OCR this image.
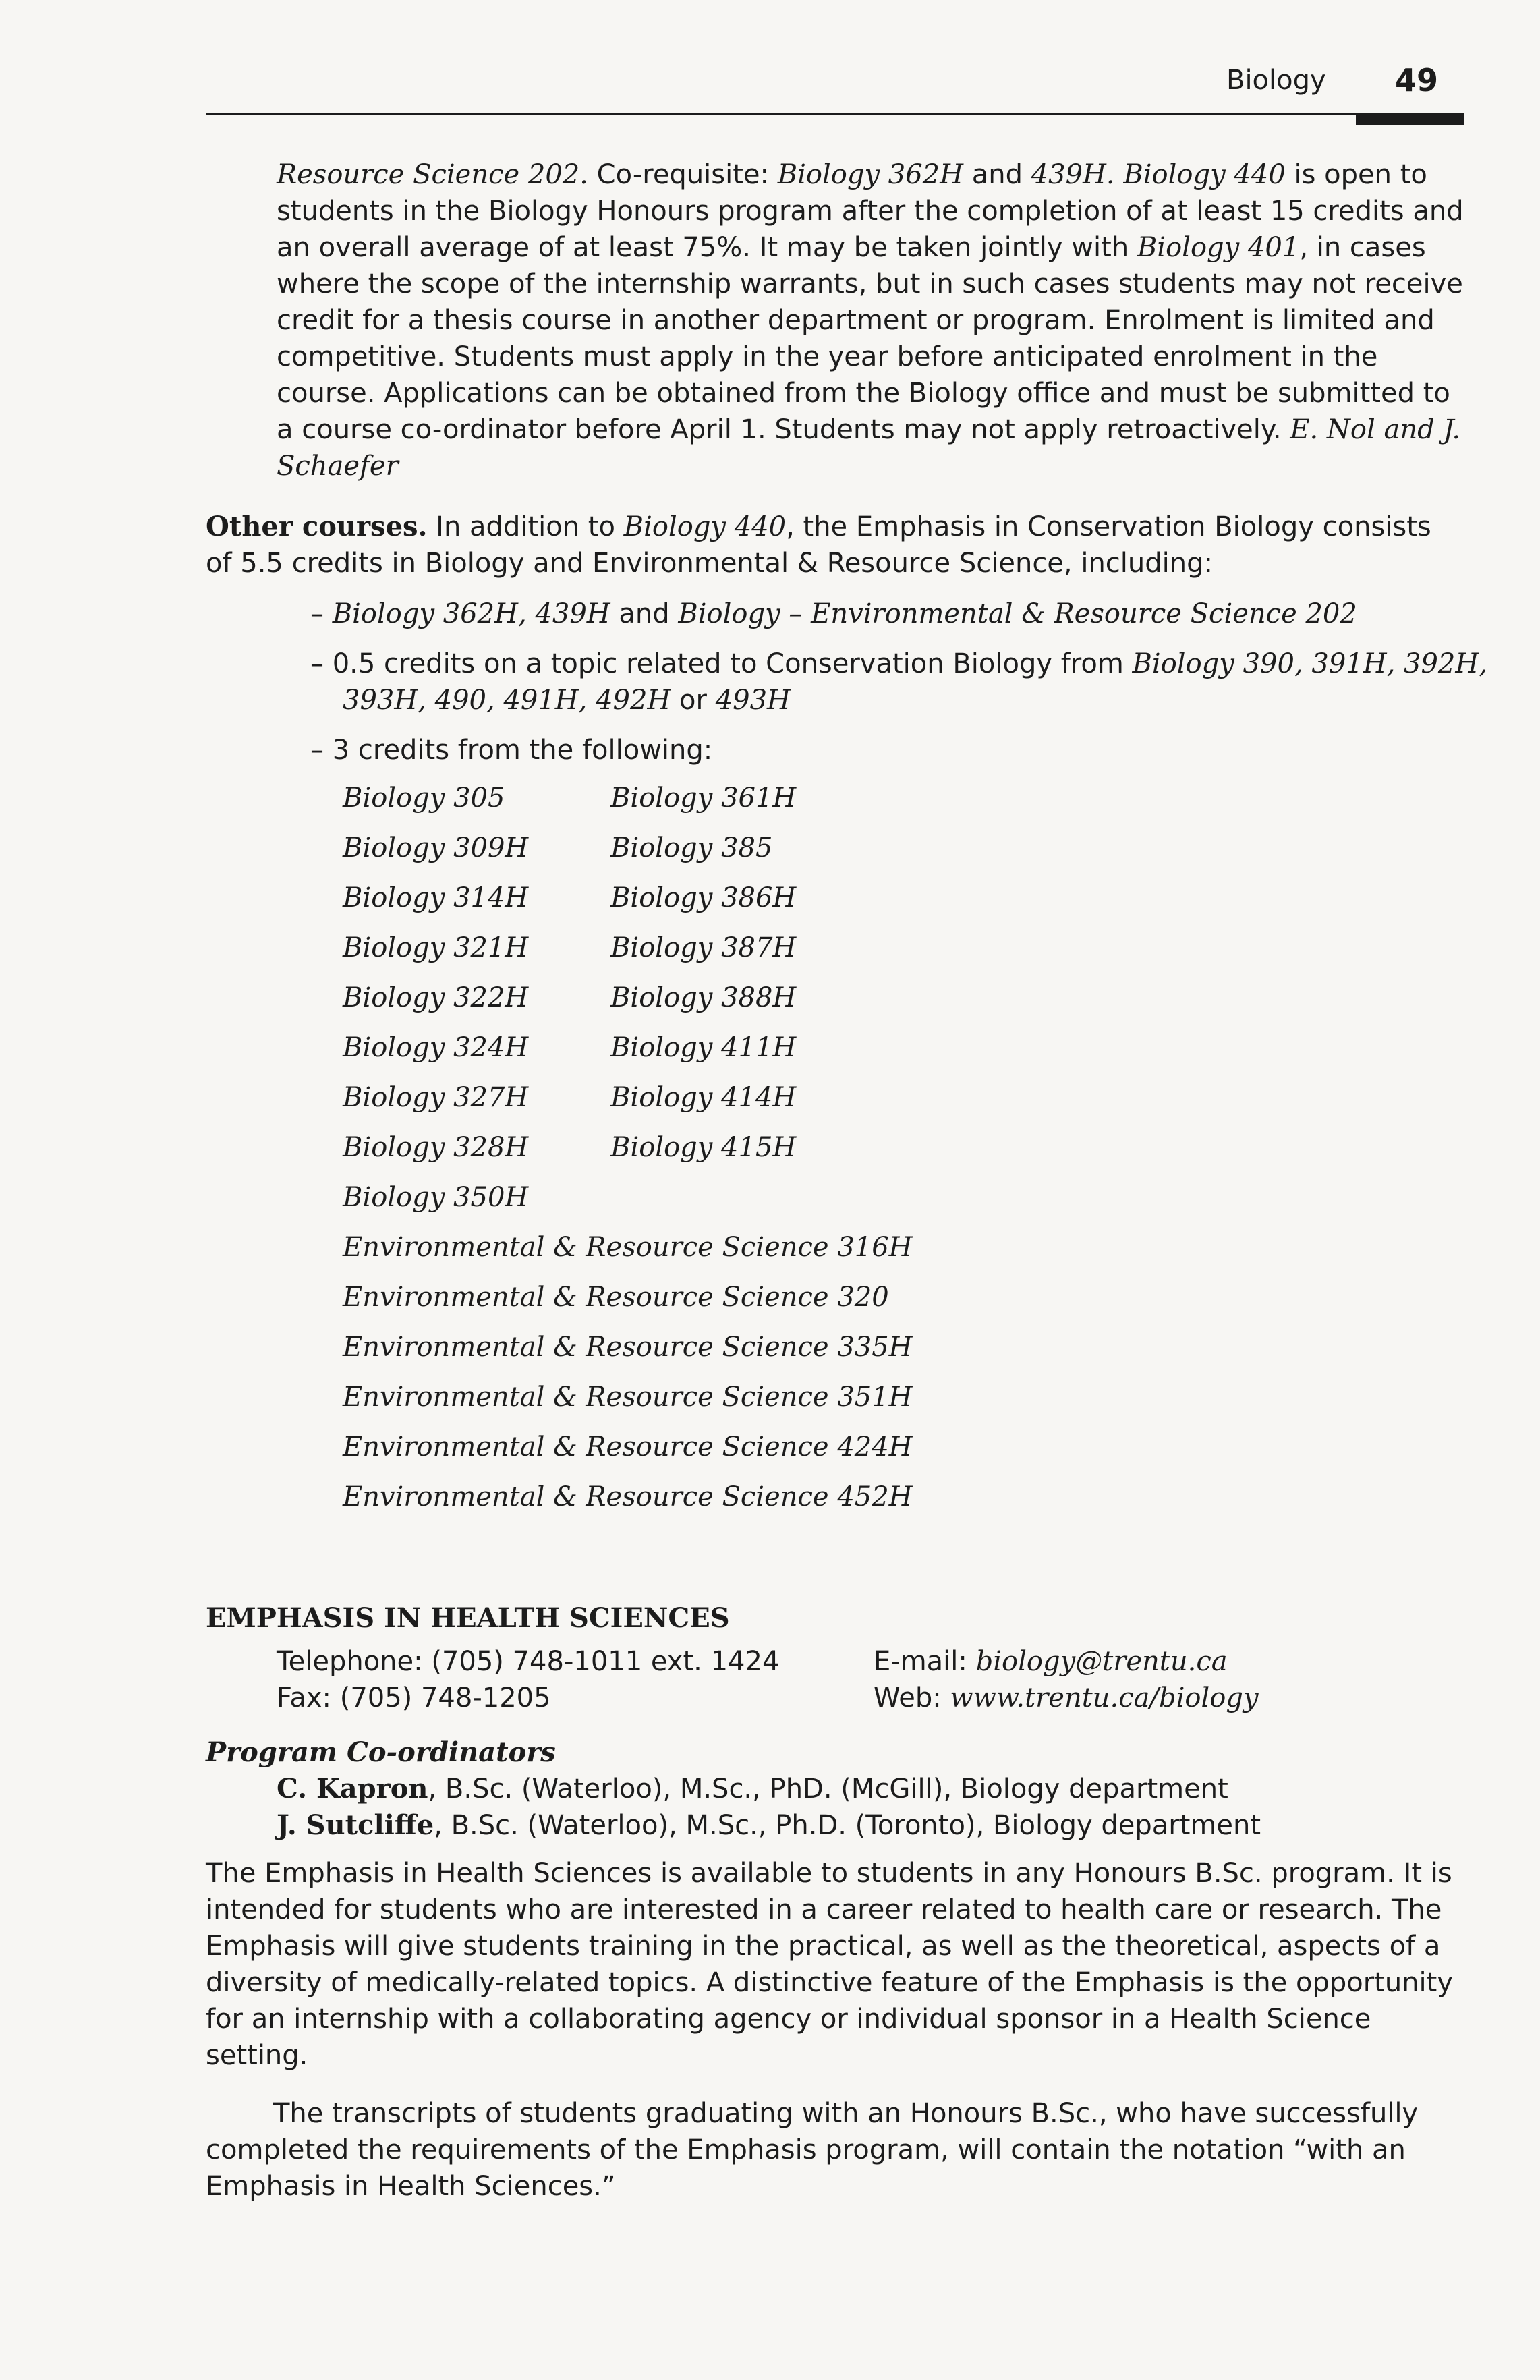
Biology 49
Resource Science 202. Co-requisite: Biology 362H and 439H. Biology 440 is open to students in the Biology Honours program after the completion of at least 15 credits and an overall average of at least 75%. It may be taken jointly with Biology 401, in cases where the scope of the internship warrants, but in such cases students may not receive credit for a thesis course in another department or program. Enrolment is limited and competitive. Students must apply in the year before anticipated enrolment in the course. Applications can be obtained from the Biology office and must be submitted to a course co-ordinator before April 1. Students may not apply retroactively. E. Nol and J. Schaefer
Other courses. In addition to Biology 440, the Emphasis in Conservation Biology consists of 5.5 credits in Biology and Environmental & Resource Science, including:
– Biology 362H, 439H and Biology – Environmental & Resource Science 202
– 0.5 credits on a topic related to Conservation Biology from Biology 390, 391H, 392H,
393H, 490, 491H, 492H or 493H
– 3 credits from the following:
Biology 305	Biology 361H
Biology 309H	Biology 385
Biology 314H	Biology 386H
Biology 321H	Biology 387H
Biology 322H	Biology 388H
Biology 324H	Biology 411H
Biology 327H	Biology 414H
Biology 328H	Biology 415H
Biology 350H
Environmental & Resource Science 316H
Environmental & Resource Science 320
Environmental & Resource Science 335H
Environmental & Resource Science 351H
Environmental & Resource Science 424H
Environmental & Resource Science 452H
EMPHASIS IN HEALTH SCIENCES
Telephone: (705) 748-1011 ext. 1424
Fax: (705) 748-1205
E-mail: biology@trentu.ca
Web: www.trentu.ca/biology
Program Co-ordinators
C. Kapron, B.Sc. (Waterloo), M.Sc., PhD. (McGill), Biology department
J. Sutcliffe, B.Sc. (Waterloo), M.Sc., Ph.D. (Toronto), Biology department
The Emphasis in Health Sciences is available to students in any Honours B.Sc. program. It is intended for students who are interested in a career related to health care or research. The Emphasis will give students training in the practical, as well as the theoretical, aspects of a diversity of medically-related topics. A distinctive feature of the Emphasis is the opportunity for an internship with a collaborating agency or individual sponsor in a Health Science setting.
The transcripts of students graduating with an Honours B.Sc., who have successfully completed the requirements of the Emphasis program, will contain the notation “with an Emphasis in Health Sciences.”
